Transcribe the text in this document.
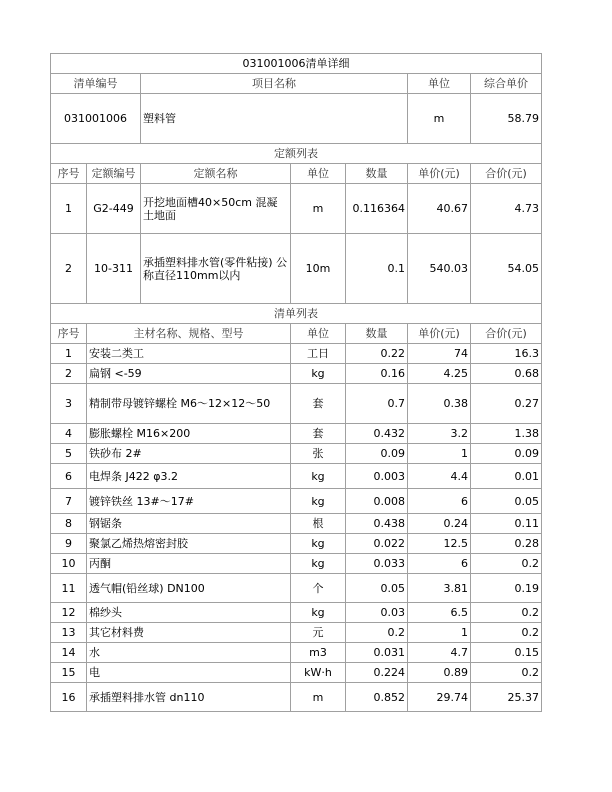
031001006清单详细						
清单编号		项目名称			单位	综合单价
031001006		塑料管			m	58.79
定额列表						
序号	定额编号	定额名称	单位	数量	单价(元)	合价(元)
1	G2-449	开挖地面槽40×50cm 混凝土地面	m	0.116364	40.67	4.73
2	10-311	承插塑料排水管(零件粘接) 公称直径110mm以内	10m	0.1	540.03	54.05
清单列表						
序号	主材名称、规格、型号		单位	数量	单价(元)	合价(元)
1	安装二类工		工日	0.22	74	16.3
2	扁钢 <-59		kg	0.16	4.25	0.68
3	精制带母镀锌螺栓 M6～12×12～50		套	0.7	0.38	0.27
4	膨胀螺栓 M16×200		套	0.432	3.2	1.38
5	铁砂布 2#		张	0.09	1	0.09
6	电焊条 J422 φ3.2		kg	0.003	4.4	0.01
7	镀锌铁丝 13#～17#		kg	0.008	6	0.05
8	钢锯条		根	0.438	0.24	0.11
9	聚氯乙烯热熔密封胶		kg	0.022	12.5	0.28
10	丙酮		kg	0.033	6	0.2
11	透气帽(铅丝球) DN100		个	0.05	3.81	0.19
12	棉纱头		kg	0.03	6.5	0.2
13	其它材料费		元	0.2	1	0.2
14	水		m3	0.031	4.7	0.15
15	电		kW·h	0.224	0.89	0.2
16	承插塑料排水管 dn110		m	0.852	29.74	25.37
